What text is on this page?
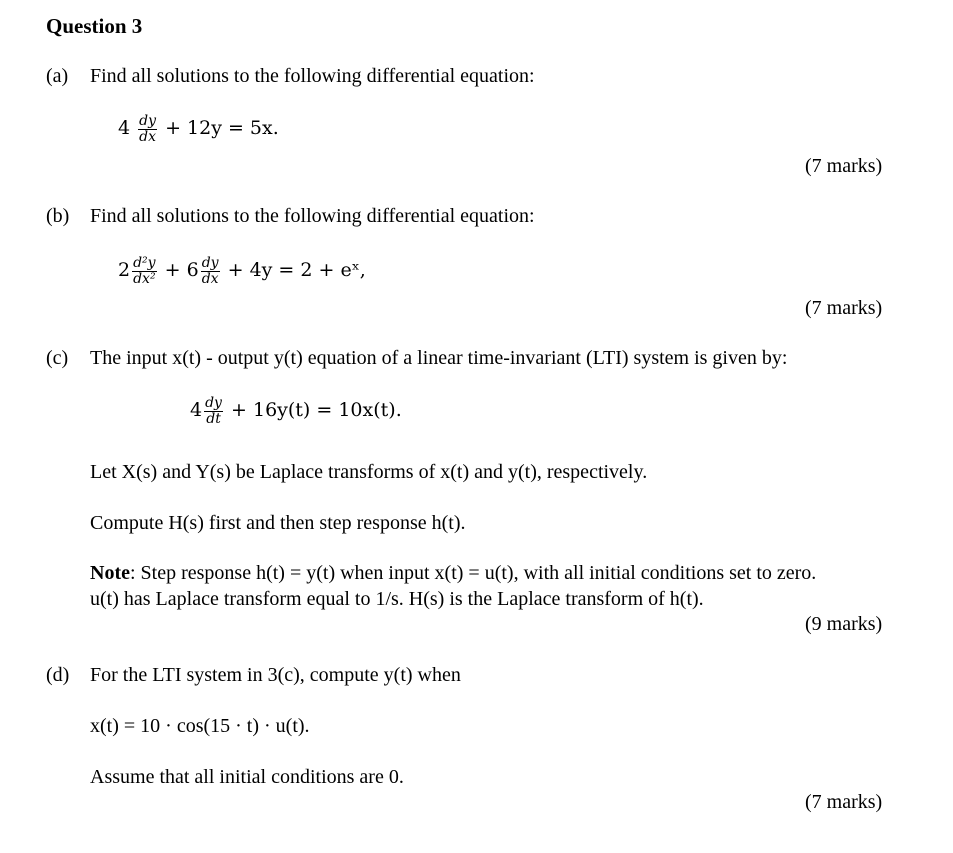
Question 3
(a) Find all solutions to the following differential equation:
$4 \frac{dy}{dx} + 12y = 5x$.
(7 marks)
(b) Find all solutions to the following differential equation:
$2 \frac{\text{d²y}}{\text{dx²}} + 6 \frac{dy}{dx} + 4y = 2$ + eˣ,
(7 marks)
(c) The input x(t) - output y(t) equation of a linear time-invariant (LTI) system is given by:
$4 \frac{dy}{dt} + 16y(t) = 10x(t)$.
Let X(s) and Y(s) be Laplace transforms of x(t) and y(t), respectively.
Compute H(s) first and then step response h(t).
Note: Step response h(t) = y(t) when input x(t) = u(t), with all initial conditions set to zero.
u(t) has Laplace transform equal to 1/s. H(s) is the Laplace transform of h(t).
(9 marks)
(d) For the LTI system in 3(c), compute y(t) when
x(t) = 10 · cos(15 · t) · u(t).
Assume that all initial conditions are 0.
(7 marks)
